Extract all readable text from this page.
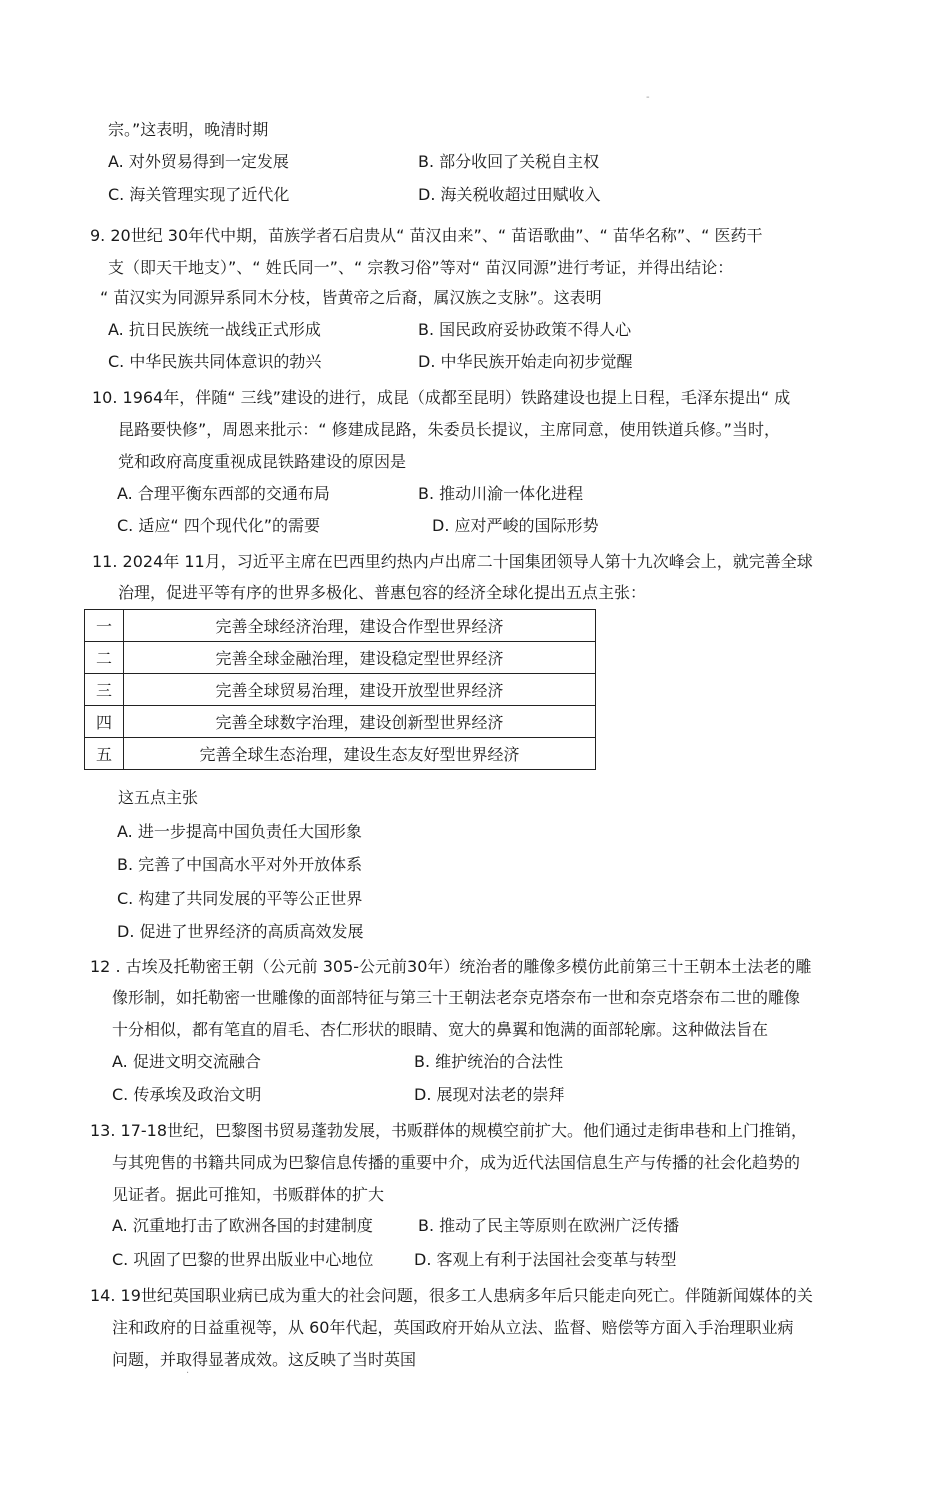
-
宗。”这表明，晚清时期
A. 对外贸易得到一定发展	B. 部分收回了关税自主权
C. 海关管理实现了近代化	D. 海关税收超过田赋收入
9. 20世纪 30年代中期，苗族学者石启贵从“ 苗汉由来”、“ 苗语歌曲”、“ 苗华名称”、“ 医药干
支（即天干地支）”、“ 姓氏同一”、“ 宗教习俗”等对“ 苗汉同源”进行考证，并得出结论：
“ 苗汉实为同源异系同木分枝，皆黄帝之后裔，属汉族之支脉”。这表明
A. 抗日民族统一战线正式形成	B. 国民政府妥协政策不得人心
C. 中华民族共同体意识的勃兴	D. 中华民族开始走向初步觉醒
10. 1964年，伴随“ 三线”建设的进行，成昆（成都至昆明）铁路建设也提上日程，毛泽东提出“ 成
昆路要快修”，周恩来批示：“ 修建成昆路，朱委员长提议，主席同意，使用铁道兵修。”当时，
党和政府高度重视成昆铁路建设的原因是
A. 合理平衡东西部的交通布局	B. 推动川渝一体化进程
C. 适应“ 四个现代化”的需要	D. 应对严峻的国际形势
11. 2024年 11月，习近平主席在巴西里约热内卢出席二十国集团领导人第十九次峰会上，就完善全球
治理，促进平等有序的世界多极化、普惠包容的经济全球化提出五点主张：
一	完善全球经济治理，建设合作型世界经济
二	完善全球金融治理，建设稳定型世界经济
三	完善全球贸易治理，建设开放型世界经济
四	完善全球数字治理，建设创新型世界经济
五	完善全球生态治理，建设生态友好型世界经济
这五点主张
A. 进一步提高中国负责任大国形象
B. 完善了中国高水平对外开放体系
C. 构建了共同发展的平等公正世界
D. 促进了世界经济的高质高效发展
12 . 古埃及托勒密王朝（公元前 305-公元前30年）统治者的雕像多模仿此前第三十王朝本土法老的雕
像形制，如托勒密一世雕像的面部特征与第三十王朝法老奈克塔奈布一世和奈克塔奈布二世的雕像
十分相似，都有笔直的眉毛、杏仁形状的眼睛、宽大的鼻翼和饱满的面部轮廓。这种做法旨在
A. 促进文明交流融合	B. 维护统治的合法性
C. 传承埃及政治文明	D. 展现对法老的崇拜
13. 17-18世纪，巴黎图书贸易蓬勃发展，书贩群体的规模空前扩大。他们通过走街串巷和上门推销，
与其兜售的书籍共同成为巴黎信息传播的重要中介，成为近代法国信息生产与传播的社会化趋势的
见证者。据此可推知，书贩群体的扩大
A. 沉重地打击了欧洲各国的封建制度	B. 推动了民主等原则在欧洲广泛传播
C. 巩固了巴黎的世界出版业中心地位	D. 客观上有利于法国社会变革与转型
14. 19世纪英国职业病已成为重大的社会问题，很多工人患病多年后只能走向死亡。伴随新闻媒体的关
注和政府的日益重视等，从 60年代起，英国政府开始从立法、监督、赔偿等方面入手治理职业病
问题，并取得显著成效。这反映了当时英国
·
